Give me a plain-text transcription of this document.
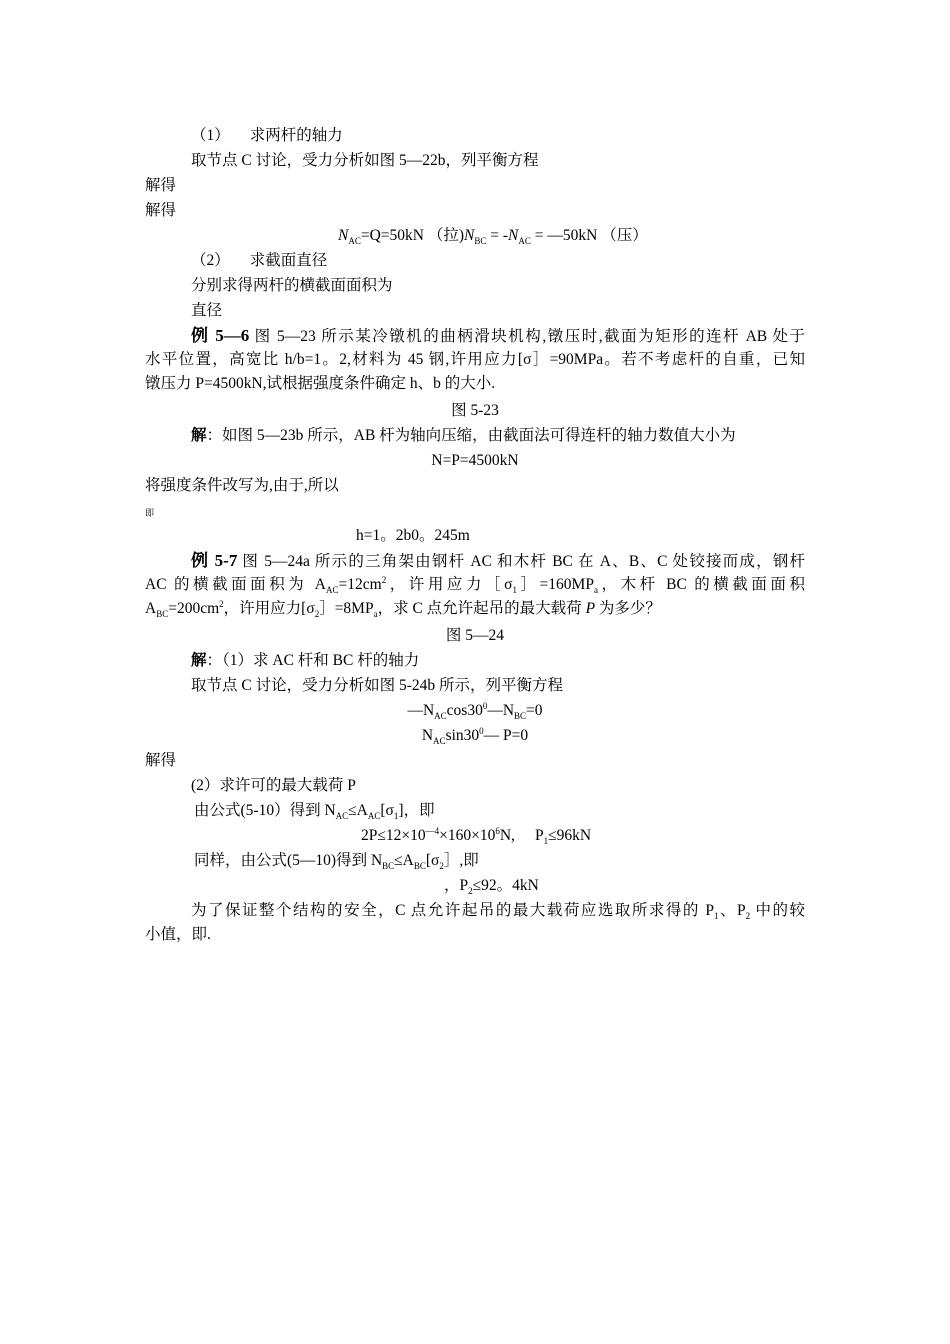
（1） 求两杆的轴力
取节点 C 讨论，受力分析如图 5—22b，列平衡方程
解得
解得
$N_{AC}=Q=50kN$ （拉)$N_{BC} = -N_{AC}$ = —50kN （压）
（2） 求截面直径
分别求得两杆的横截面面积为
直径
例 5—6 图 5—23 所示某冷镦机的曲柄滑块机构,镦压时,截面为矩形的连杆 AB 处于
水平位置，高宽比 h/b=1。2,材料为 45 钢,许用应力[σ］=90MPa。若不考虑杆的自重，已知
镦压力 P=4500kN,试根据强度条件确定 h、b 的大小.
图 5-23
解：如图 5—23b 所示，AB 杆为轴向压缩，由截面法可得连杆的轴力数值大小为
N=P=4500kN
将强度条件改写为,由于,所以
即
h=1。2b0。245m
例 5-7 图 5—24a 所示的三角架由钢杆 AC 和木杆 BC 在 A、B、C 处铰接而成，钢杆
AC 的横截面面积为 $A_{AC}=12cm^2$，许用应力$[\sigma_1]=160MP_a$，木杆 BC 的横截面面积
$A_{BC}=200cm^2$，许用应力[$\sigma_2]=8MP_a$，求 C 点允许起吊的最大载荷 P 为多少？
图 5—24
解：（1）求 AC 杆和 BC 杆的轴力
取节点 C 讨论，受力分析如图 5-24b 所示，列平衡方程
$—N_{AC}\cos 30^0—N_{BC}=0$
$N_{AC}\sin 30^0—$ P=0
解得
(2）求许可的最大载荷 P
由公式(5-10）得到 $N_{AC}\le A_{AC}[\sigma_1]$，即
$2P\le 12\times 10^{—4}\times 160\times 10^6N$, $P_1\le 96kN$
同样，由公式(5—10)得到 $N_{BC}\le A_{BC}[\sigma_2]$,即
，$P_2\le 92$。4kN
为了保证整个结构的安全，C 点允许起吊的最大载荷应选取所求得的 $P_1$、$P_2$ 中的较
小值，即.
